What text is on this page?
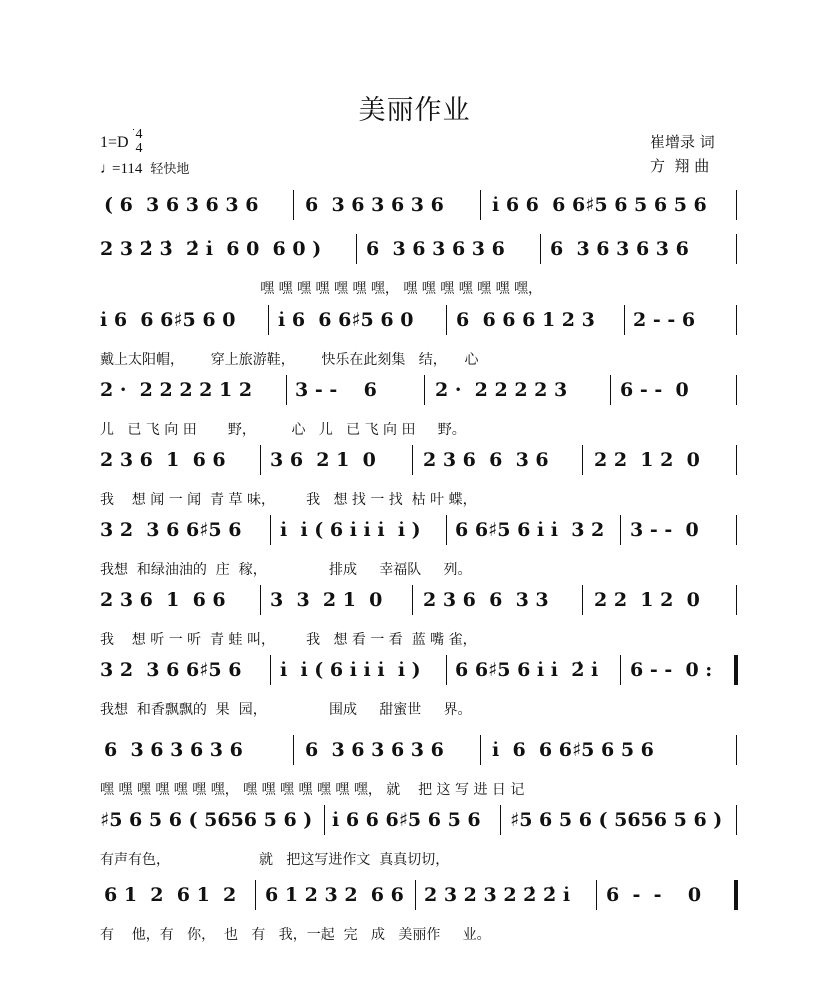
美丽作业
1=D 4
4
♩=114 轻快地
崔增录 词
方  翔 曲
( 6  3 6 3 6 3 6 6  3 6 3 6 3 6	i̇ 6 6  6 6♯5 6 5 6 5 6
2 3 2̇ 3̇  2̇ i̇  6 0  6 0 ) 6  3 6 3 6 3 6 6  3 6 3 6 3 6
嘿 嘿 嘿 嘿 嘿 嘿 嘿， 嘿 嘿 嘿 嘿 嘿 嘿 嘿，
i̇ 6  6 6♯5 6 0 i̇ 6  6 6♯5 6 0 6  6 6 6 1 2 3 2 - - 6
戴上太阳帽，      穿上旅游鞋，      快乐在此刻集   结，    心
2 ·  2 2 2 2 1 2 3 - -    6	2 ·  2 2 2 2 3	6 - -  0
儿   已 飞 向 田       野，        心   儿   已 飞 向 田     野。
2 3 6  1  6 6 3 6  2 1  0 2 3 6  6  3 6 2 2  1 2  0
我    想 闻 一 闻  青 草 味，       我   想 找 一 找  枯 叶 蝶，
3 2  3 6 6♯5 6 i̇  i̇ ( 6 i̇ i̇ i̇  i̇ ) 6 6♯5 6 i̇ i̇  3 2 3 - -  0
我想  和绿油油的  庄  稼，              排成     幸福队     列。
2 3 6  1  6 6 3  3  2 1  0 2 3 6  6  3 3 2 2  1 2  0
我    想 听 一 听  青 蛙 叫，       我   想 看 一 看  蓝 嘴 雀，
3 2  3 6 6♯5 6 i̇  i̇ ( 6 i̇ i̇ i̇  i̇ ) 6 6♯5 6 i̇ i̇  2̇ i̇ 6 - -  0 :
我想  和香飘飘的  果  园，              围成     甜蜜世     界。
6  3 6 3 6 3 6	6  3 6 3 6 3 6	i̇  6  6 6♯5 6 5 6
嘿 嘿 嘿 嘿 嘿 嘿 嘿， 嘿 嘿 嘿 嘿 嘿 嘿 嘿， 就    把 这 写 进 日 记
♯5 6 5 6 ( 5656 5 6 ) i̇ 6 6 6♯5 6 5 6 ♯5 6 5 6 ( 5656 5 6 )
有声有色，                    就   把这写进作文  真真切切，
6 1  2  6 1  2 6 1 2 3 2  6 6 2 3 2 3 2 2̇ 2̇ i̇ 6  -  -    0
有    他，有   你，  也   有   我，一起  完   成   美丽作     业。
